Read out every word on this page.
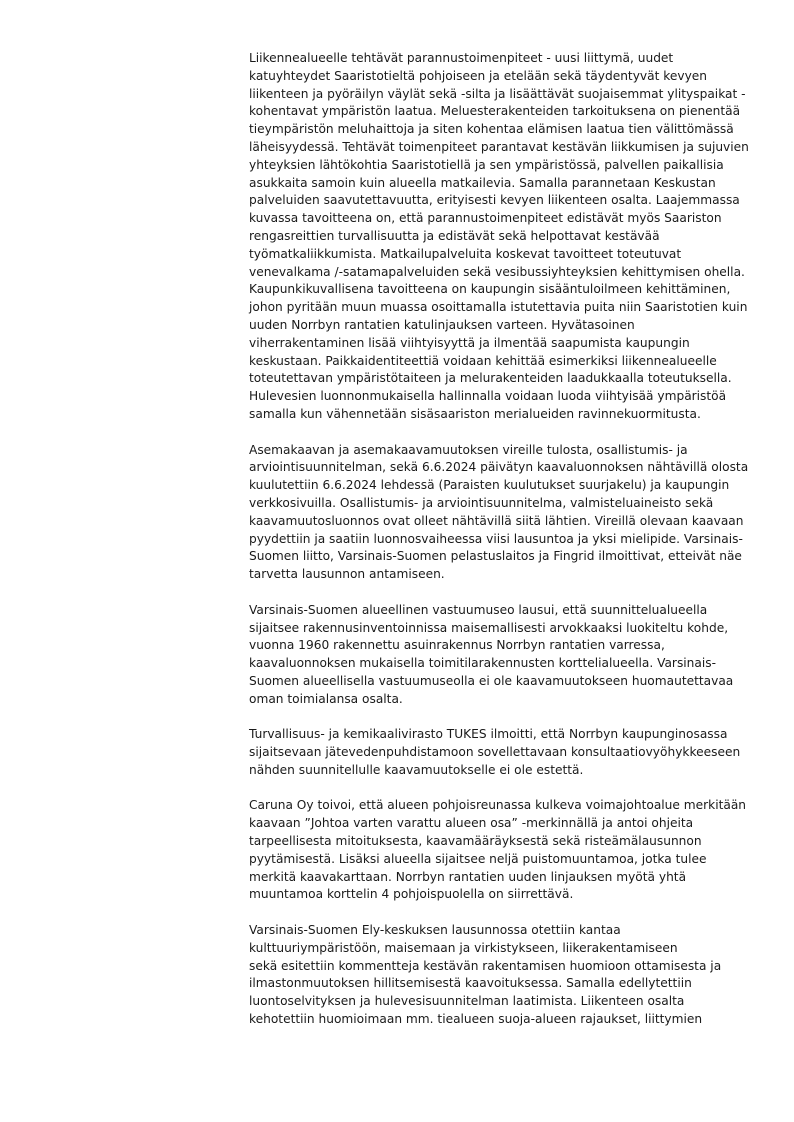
Liikennealueelle tehtävät parannustoimenpiteet - uusi liittymä, uudet
katuyhteydet Saaristotieltä pohjoiseen ja etelään sekä täydentyvät kevyen
liikenteen ja pyöräilyn väylät sekä -silta ja lisäättävät suojaisemmat ylityspaikat -
kohentavat ympäristön laatua. Meluesterakenteiden tarkoituksena on pienentää
tieympäristön meluhaittoja ja siten kohentaa elämisen laatua tien välittömässä
läheisyydessä. Tehtävät toimenpiteet parantavat kestävän liikkumisen ja sujuvien
yhteyksien lähtökohtia Saaristotiellä ja sen ympäristössä, palvellen paikallisia
asukkaita samoin kuin alueella matkailevia. Samalla parannetaan Keskustan
palveluiden saavutettavuutta, erityisesti kevyen liikenteen osalta. Laajemmassa
kuvassa tavoitteena on, että parannustoimenpiteet edistävät myös Saariston
rengasreittien turvallisuutta ja edistävät sekä helpottavat kestävää
työmatkaliikkumista. Matkailupalveluita koskevat tavoitteet toteutuvat
venevalkama /-satamapalveluiden sekä vesibussiyhteyksien kehittymisen ohella.
Kaupunkikuvallisena tavoitteena on kaupungin sisääntuloilmeen kehittäminen,
johon pyritään muun muassa osoittamalla istutettavia puita niin Saaristotien kuin
uuden Norrbyn rantatien katulinjauksen varteen. Hyvätasoinen
viherrakentaminen lisää viihtyisyyttä ja ilmentää saapumista kaupungin
keskustaan. Paikkaidentiteettiä voidaan kehittää esimerkiksi liikennealueelle
toteutettavan ympäristötaiteen ja melurakenteiden laadukkaalla toteutuksella.
Hulevesien luonnonmukaisella hallinnalla voidaan luoda viihtyisää ympäristöä
samalla kun vähennetään sisäsaariston merialueiden ravinnekuormitusta.

Asemakaavan ja asemakaavamuutoksen vireille tulosta, osallistumis- ja
arviointisuunnitelman, sekä 6.6.2024 päivätyn kaavaluonnoksen nähtävillä olosta
kuulutettiin 6.6.2024 lehdessä (Paraisten kuulutukset suurjakelu) ja kaupungin
verkkosivuilla. Osallistumis- ja arviointisuunnitelma, valmisteluaineisto sekä
kaavamuutosluonnos ovat olleet nähtävillä siitä lähtien. Vireillä olevaan kaavaan
pyydettiin ja saatiin luonnosvaiheessa viisi lausuntoa ja yksi mielipide. Varsinais-
Suomen liitto, Varsinais-Suomen pelastuslaitos ja Fingrid ilmoittivat, etteivät näe
tarvetta lausunnon antamiseen.

Varsinais-Suomen alueellinen vastuumuseo lausui, että suunnittelualueella
sijaitsee rakennusinventoinnissa maisemallisesti arvokkaaksi luokiteltu kohde,
vuonna 1960 rakennettu asuinrakennus Norrbyn rantatien varressa,
kaavaluonnoksen mukaisella toimitilarakennusten korttelialueella. Varsinais-
Suomen alueellisella vastuumuseolla ei ole kaavamuutokseen huomautettavaa
oman toimialansa osalta.

Turvallisuus- ja kemikaalivirasto TUKES ilmoitti, että Norrbyn kaupunginosassa
sijaitsevaan jätevedenpuhdistamoon sovellettavaan konsultaatiovyöhykkeeseen
nähden suunnitellulle kaavamuutokselle ei ole estettä.

Caruna Oy toivoi, että alueen pohjoisreunassa kulkeva voimajohtoalue merkitään
kaavaan ”Johtoa varten varattu alueen osa” -merkinnällä ja antoi ohjeita
tarpeellisesta mitoituksesta, kaavamääräyksestä sekä risteämälausunnon
pyytämisestä. Lisäksi alueella sijaitsee neljä puistomuuntamoa, jotka tulee
merkitä kaavakarttaan. Norrbyn rantatien uuden linjauksen myötä yhtä
muuntamoa korttelin 4 pohjoispuolella on siirrettävä.

Varsinais-Suomen Ely-keskuksen lausunnossa otettiin kantaa
kulttuuriympäristöön, maisemaan ja virkistykseen, liikerakentamiseen
sekä esitettiin kommentteja kestävän rakentamisen huomioon ottamisesta ja
ilmastonmuutoksen hillitsemisestä kaavoituksessa. Samalla edellytettiin
luontoselvityksen ja hulevesisuunnitelman laatimista. Liikenteen osalta
kehotettiin huomioimaan mm. tiealueen suoja-alueen rajaukset, liittymien
